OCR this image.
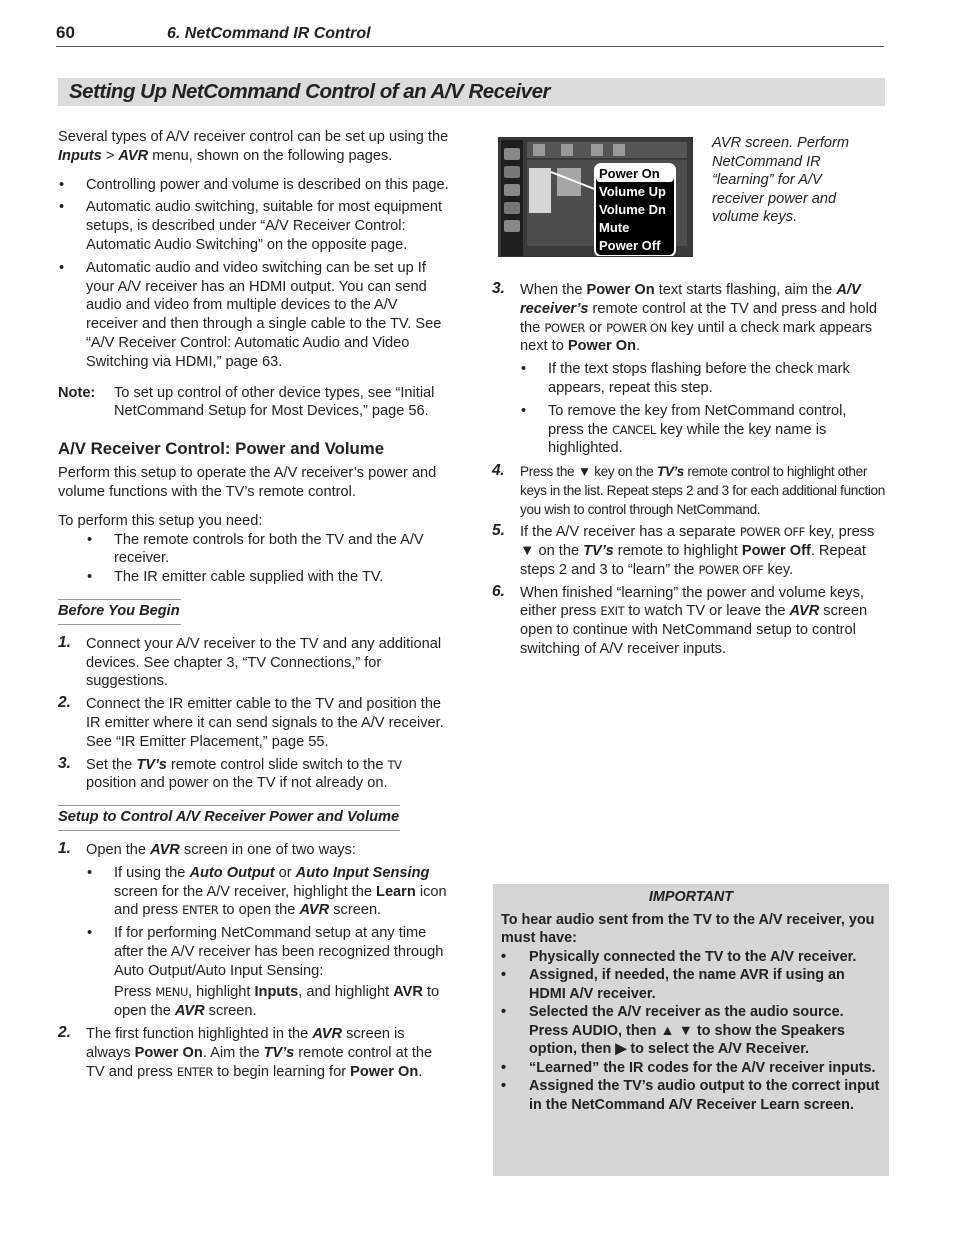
60	6. NetCommand IR Control
Setting Up NetCommand Control of an A/V Receiver
Several types of A/V receiver control can be set up using the Inputs > AVR menu, shown on the following pages.
• Controlling power and volume is described on this page.
• Automatic audio switching, suitable for most equipment setups, is described under “A/V Receiver Control: Automatic Audio Switching” on the opposite page.
• Automatic audio and video switching can be set up If your A/V receiver has an HDMI output. You can send audio and video from multiple devices to the A/V receiver and then through a single cable to the TV. See “A/V Receiver Control: Automatic Audio and Video Switching via HDMI,” page 63.
Note: To set up control of other device types, see “Initial NetCommand Setup for Most Devices,” page 56.
A/V Receiver Control: Power and Volume
Perform this setup to operate the A/V receiver’s power and volume functions with the TV’s remote control.
To perform this setup you need:
• The remote controls for both the TV and the A/V receiver.
• The IR emitter cable supplied with the TV.
Before You Begin
1. Connect your A/V receiver to the TV and any additional devices. See chapter 3, “TV Connections,” for suggestions.
2. Connect the IR emitter cable to the TV and position the IR emitter where it can send signals to the A/V receiver. See “IR Emitter Placement,” page 55.
3. Set the TV’s remote control slide switch to the TV position and power on the TV if not already on.
Setup to Control A/V Receiver Power and Volume
1. Open the AVR screen in one of two ways:
• If using the Auto Output or Auto Input Sensing screen for the A/V receiver, highlight the Learn icon and press ENTER to open the AVR screen.
• If for performing NetCommand setup at any time after the A/V receiver has been recognized through Auto Output/Auto Input Sensing:
Press MENU, highlight Inputs, and highlight AVR to open the AVR screen.
2. The first function highlighted in the AVR screen is always Power On. Aim the TV’s remote control at the TV and press ENTER to begin learning for Power On.
Power On
Volume Up
Volume Dn
Mute
Power Off
AVR screen. Perform NetCommand IR “learning” for A/V receiver power and volume keys.
3. When the Power On text starts flashing, aim the A/V receiver’s remote control at the TV and press and hold the POWER or POWER ON key until a check mark appears next to Power On.
• If the text stops flashing before the check mark appears, repeat this step.
• To remove the key from NetCommand control, press the CANCEL key while the key name is highlighted.
4. Press the ▼ key on the TV’s remote control to highlight other keys in the list. Repeat steps 2 and 3 for each additional function you wish to control through NetCommand.
5. If the A/V receiver has a separate POWER OFF key, press ▼ on the TV’s remote to highlight Power Off. Repeat steps 2 and 3 to “learn” the POWER OFF key.
6. When finished “learning” the power and volume keys, either press EXIT to watch TV or leave the AVR screen open to continue with NetCommand setup to control switching of A/V receiver inputs.
IMPORTANT
To hear audio sent from the TV to the A/V receiver, you must have:
• Physically connected the TV to the A/V receiver.
• Assigned, if needed, the name AVR if using an HDMI A/V receiver.
• Selected the A/V receiver as the audio source. Press AUDIO, then ▲ ▼ to show the Speakers option, then ▶ to select the A/V Receiver.
• “Learned” the IR codes for the A/V receiver inputs.
• Assigned the TV’s audio output to the correct input in the NetCommand A/V Receiver Learn screen.
